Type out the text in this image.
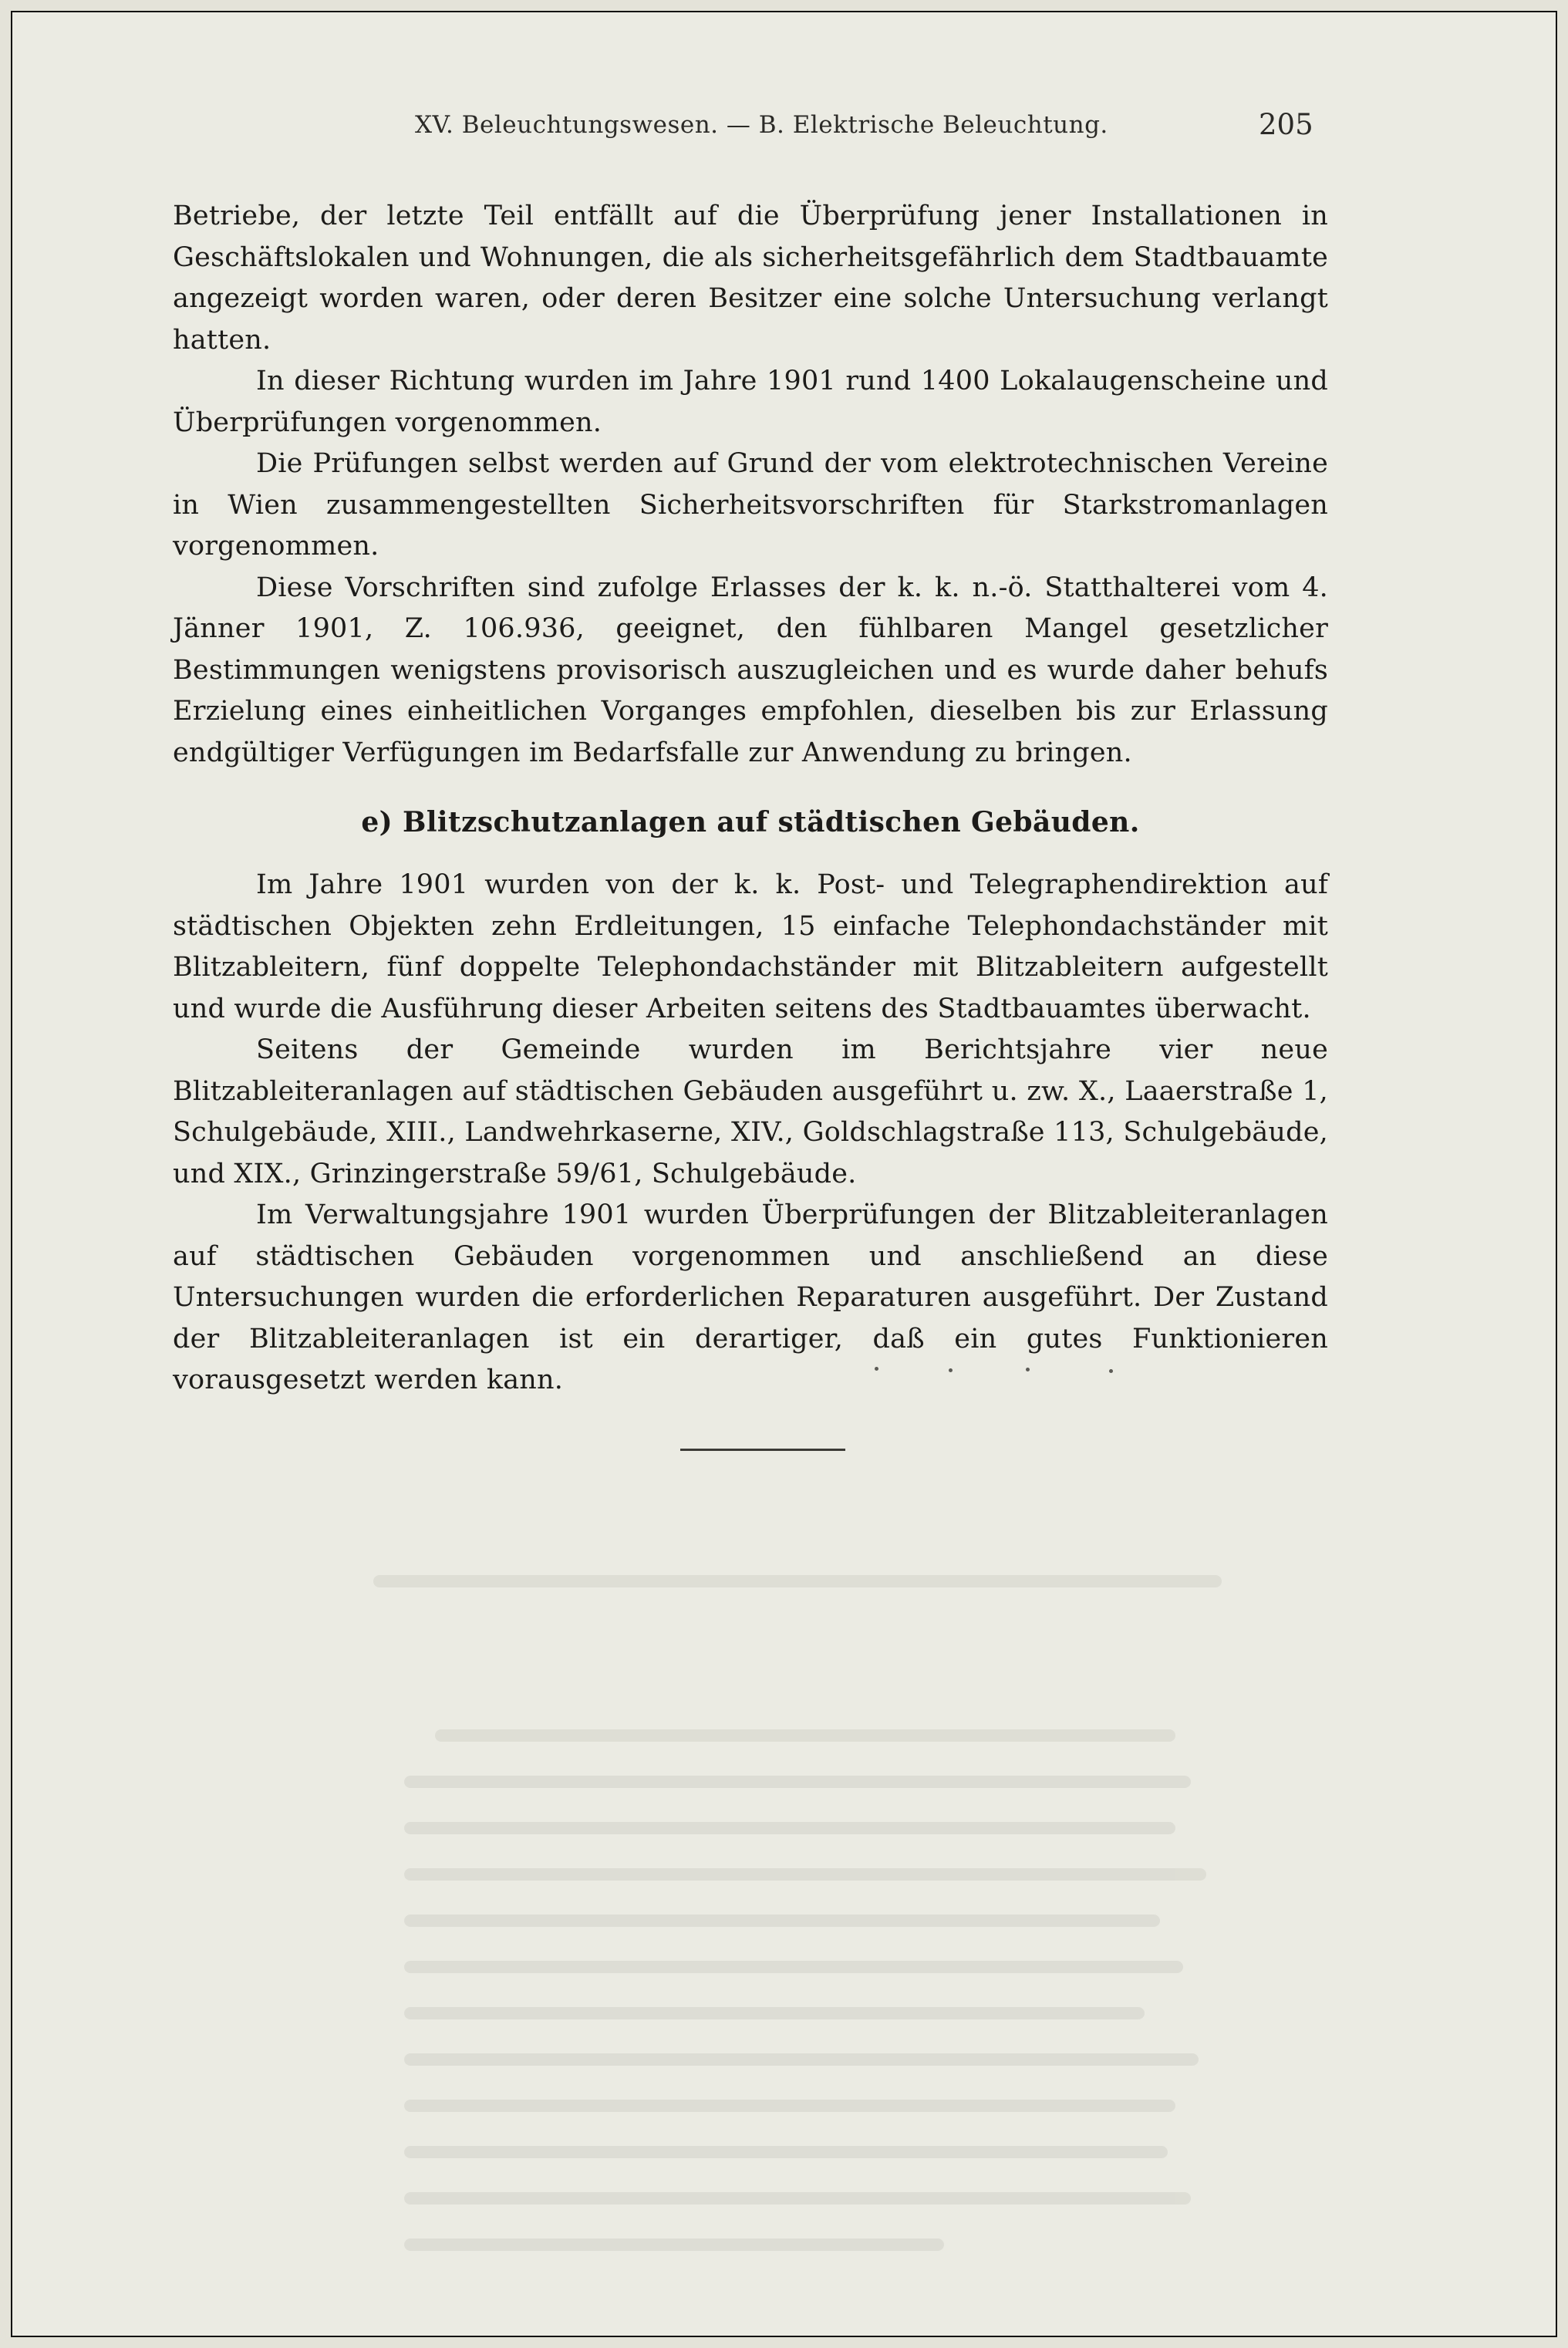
XV. Beleuchtungswesen. — B. Elektrische Beleuchtung.	205

Betriebe, der letzte Teil entfällt auf die Überprüfung jener Installationen in Geschäftslokalen und Wohnungen, die als sicherheitsgefährlich dem Stadtbauamte angezeigt worden waren, oder deren Besitzer eine solche Untersuchung verlangt hatten.

In dieser Richtung wurden im Jahre 1901 rund 1400 Lokalaugenscheine und Überprüfungen vorgenommen.

Die Prüfungen selbst werden auf Grund der vom elektrotechnischen Vereine in Wien zusammengestellten Sicherheitsvorschriften für Starkstromanlagen vorgenommen.

Diese Vorschriften sind zufolge Erlasses der k. k. n.-ö. Statthalterei vom 4. Jänner 1901, Z. 106.936, geeignet, den fühlbaren Mangel gesetzlicher Bestimmungen wenigstens provisorisch auszugleichen und es wurde daher behufs Erzielung eines einheitlichen Vorganges empfohlen, dieselben bis zur Erlassung endgültiger Verfügungen im Bedarfsfalle zur Anwendung zu bringen.

e) Blitzschutzanlagen auf städtischen Gebäuden.

Im Jahre 1901 wurden von der k. k. Post- und Telegraphendirektion auf städtischen Objekten zehn Erdleitungen, 15 einfache Telephondachständer mit Blitzableitern, fünf doppelte Telephondachständer mit Blitzableitern aufgestellt und wurde die Ausführung dieser Arbeiten seitens des Stadtbauamtes überwacht.

Seitens der Gemeinde wurden im Berichtsjahre vier neue Blitzableiteranlagen auf städtischen Gebäuden ausgeführt u. zw. X., Laaerstraße 1, Schulgebäude, XIII., Landwehrkaserne, XIV., Goldschlagstraße 113, Schulgebäude, und XIX., Grinzingerstraße 59/61, Schulgebäude.

Im Verwaltungsjahre 1901 wurden Überprüfungen der Blitzableiteranlagen auf städtischen Gebäuden vorgenommen und anschließend an diese Untersuchungen wurden die erforderlichen Reparaturen ausgeführt. Der Zustand der Blitzableiteranlagen ist ein derartiger, daß ein gutes Funktionieren vorausgesetzt werden kann.
